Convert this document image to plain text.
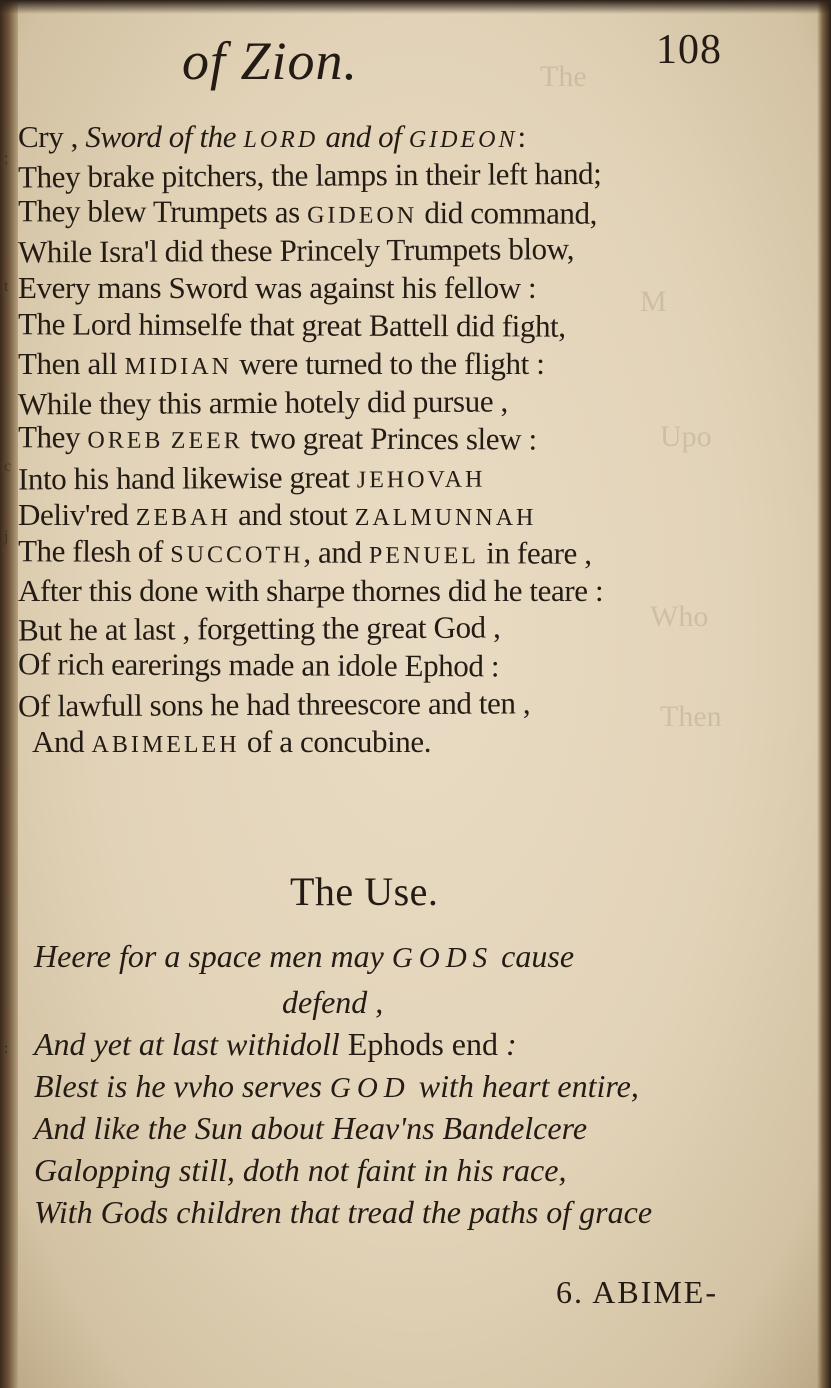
M
Upo
Who
Then
The
;
t
c
j
:
of Zion.	108
Cry , Sword of the LORD and of GIDEON:
They brake pitchers, the lamps in their left hand;
They blew Trumpets as GIDEON did command,
While Isra'l did these Princely Trumpets blow,
Every mans Sword was against his fellow :
The Lord himselfe that great Battell did fight,
Then all MIDIAN were turned to the flight :
While they this armie hotely did pursue ,
They OREB ZEER two great Princes slew :
Into his hand likewise great JEHOVAH
Deliv'red ZEBAH and stout ZALMUNNAH
The flesh of SUCCOTH, and PENUEL in feare ,
After this done with sharpe thornes did he teare :
But he at last , forgetting the great God ,
Of rich earerings made an idole Ephod :
Of lawfull sons he had threescore and ten ,
And ABIMELEH of a concubine.
The Use.
Heere for a space men may GODS cause
defend ,
And yet at last withidoll Ephods end :
Blest is he vvho serves GOD with heart entire,
And like the Sun about Heav'ns Bandelcere
Galopping still, doth not faint in his race,
With Gods children that tread the paths of grace
6. ABIME-
